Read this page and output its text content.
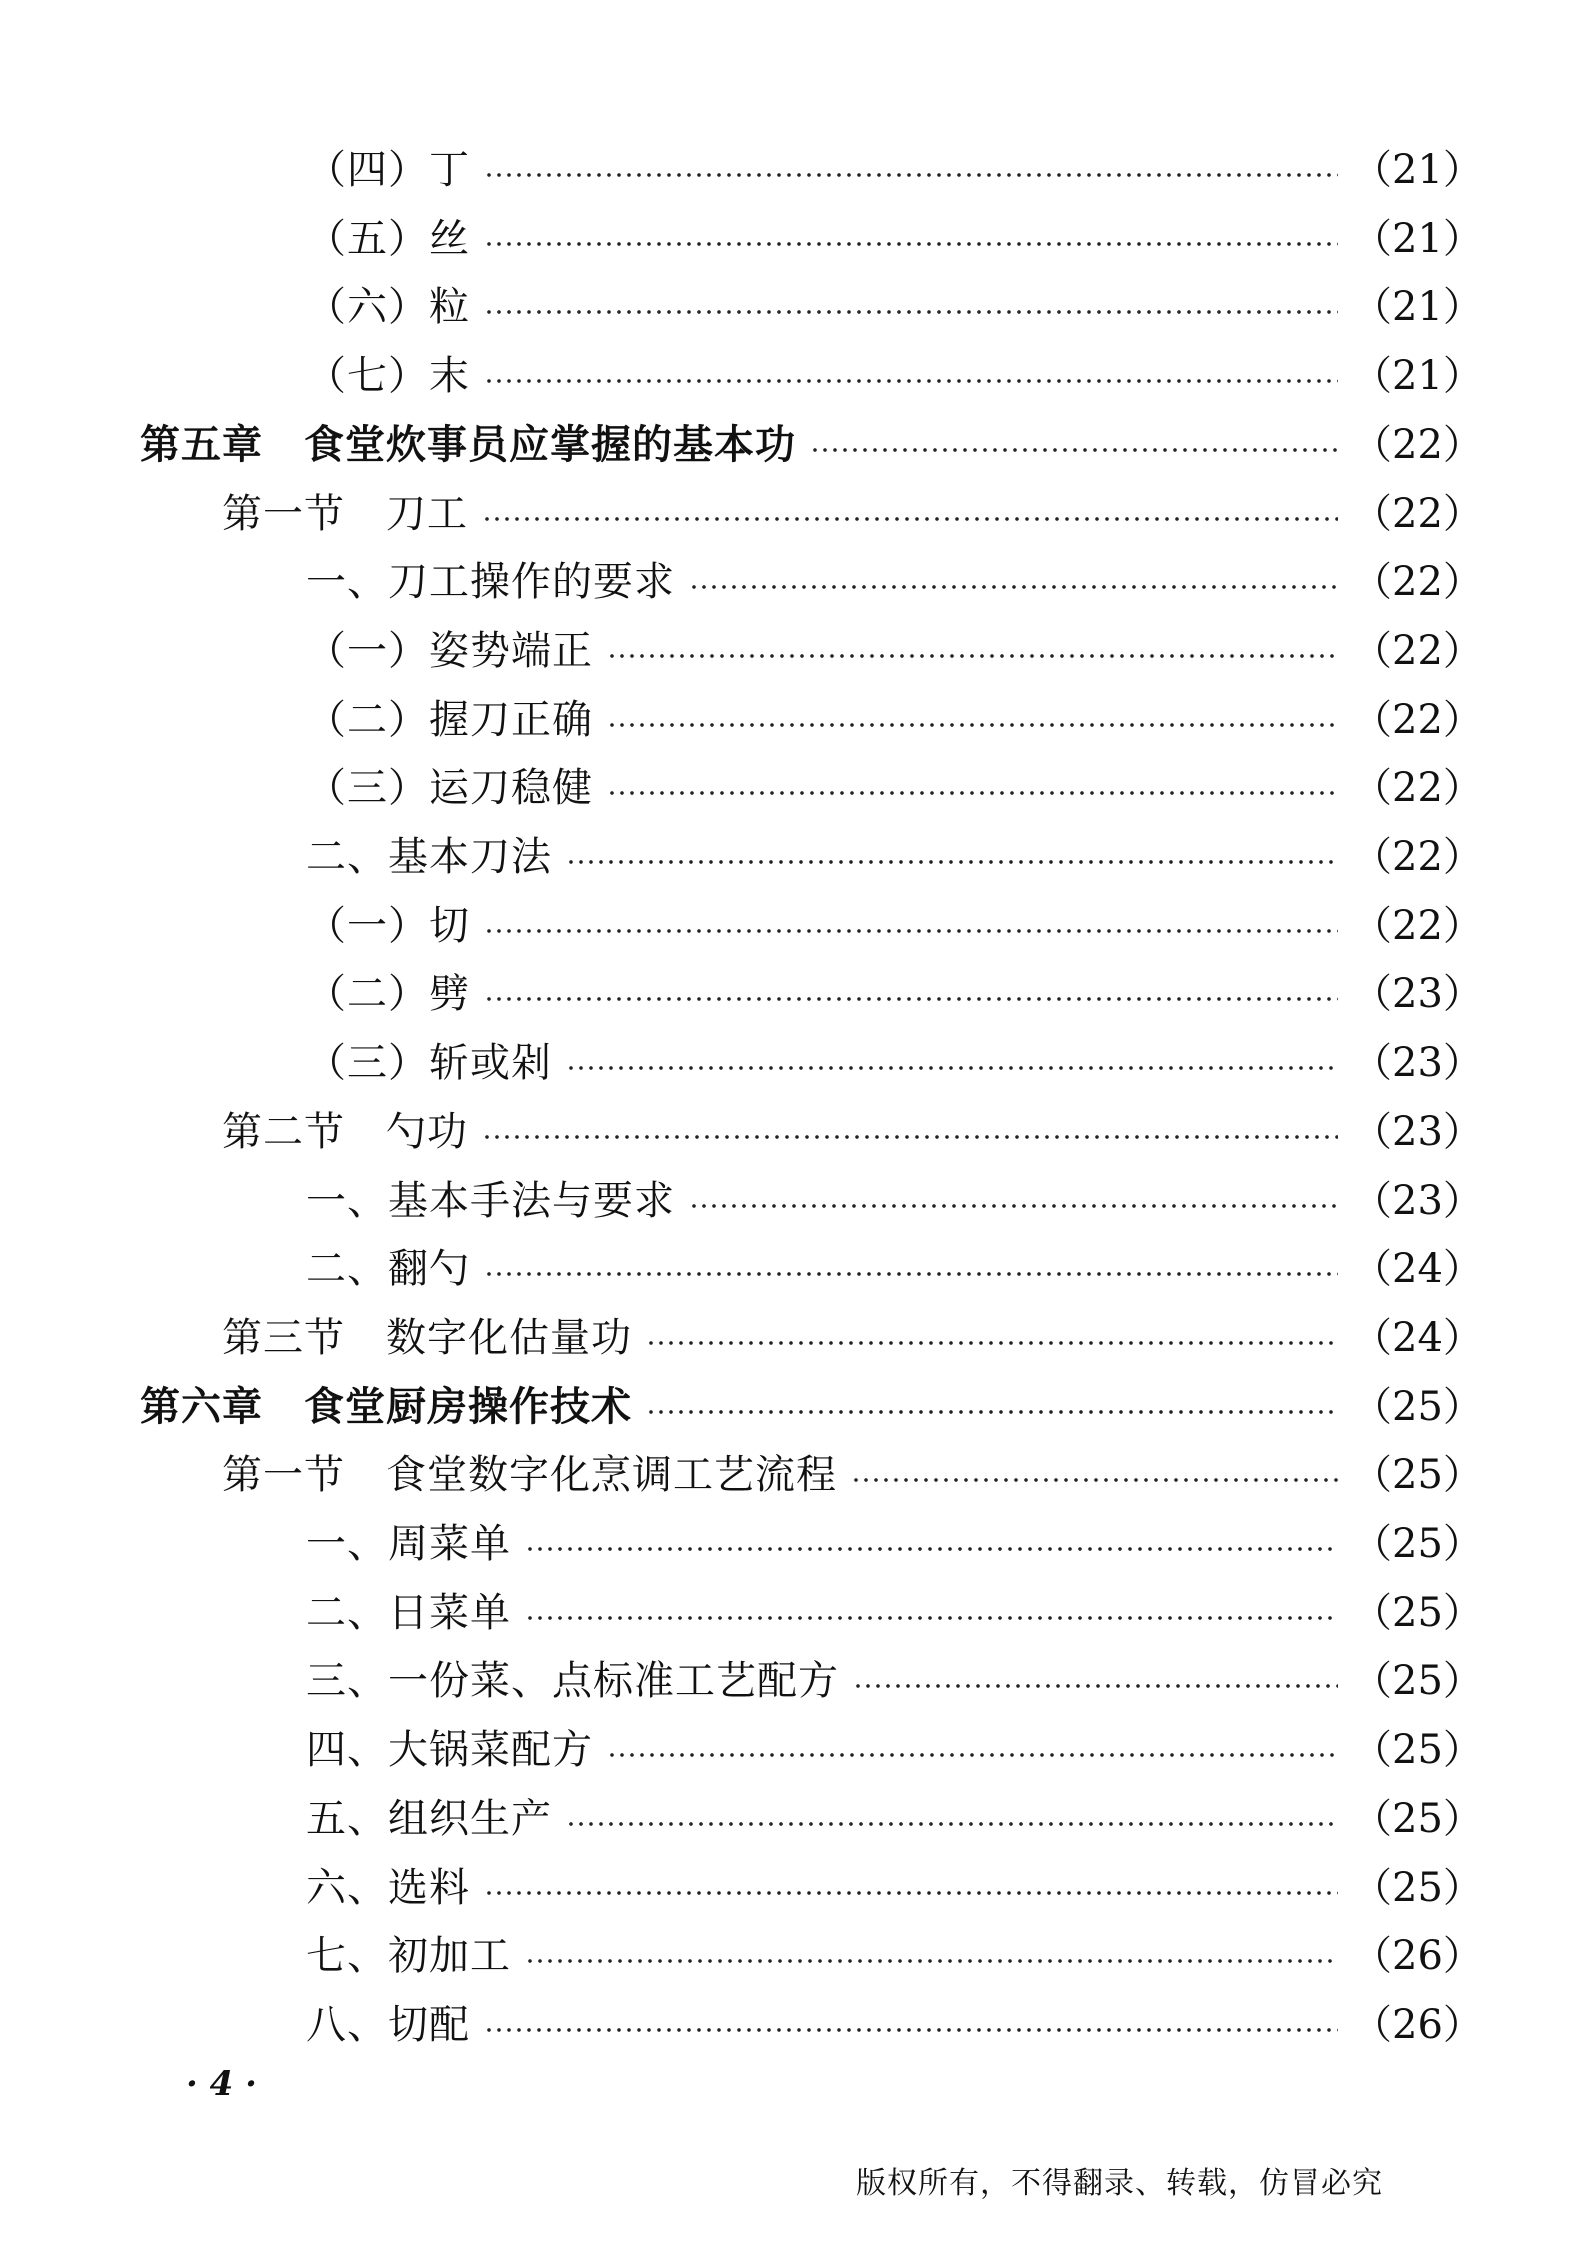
（四）丁	（21）
（五）丝	（21）
（六）粒	（21）
（七）末	（21）
第五章　食堂炊事员应掌握的基本功	（22）
第一节　刀工	（22）
一、刀工操作的要求	（22）
（一）姿势端正	（22）
（二）握刀正确	（22）
（三）运刀稳健	（22）
二、基本刀法	（22）
（一）切	（22）
（二）劈	（23）
（三）斩或剁	（23）
第二节　勺功	（23）
一、基本手法与要求	（23）
二、翻勺	（24）
第三节　数字化估量功	（24）
第六章　食堂厨房操作技术	（25）
第一节　食堂数字化烹调工艺流程	（25）
一、周菜单	（25）
二、日菜单	（25）
三、一份菜、点标准工艺配方	（25）
四、大锅菜配方	（25）
五、组织生产	（25）
六、选料	（25）
七、初加工	（26）
八、切配	（26）
· 4 ·
版权所有，不得翻录、转载，仿冒必究
